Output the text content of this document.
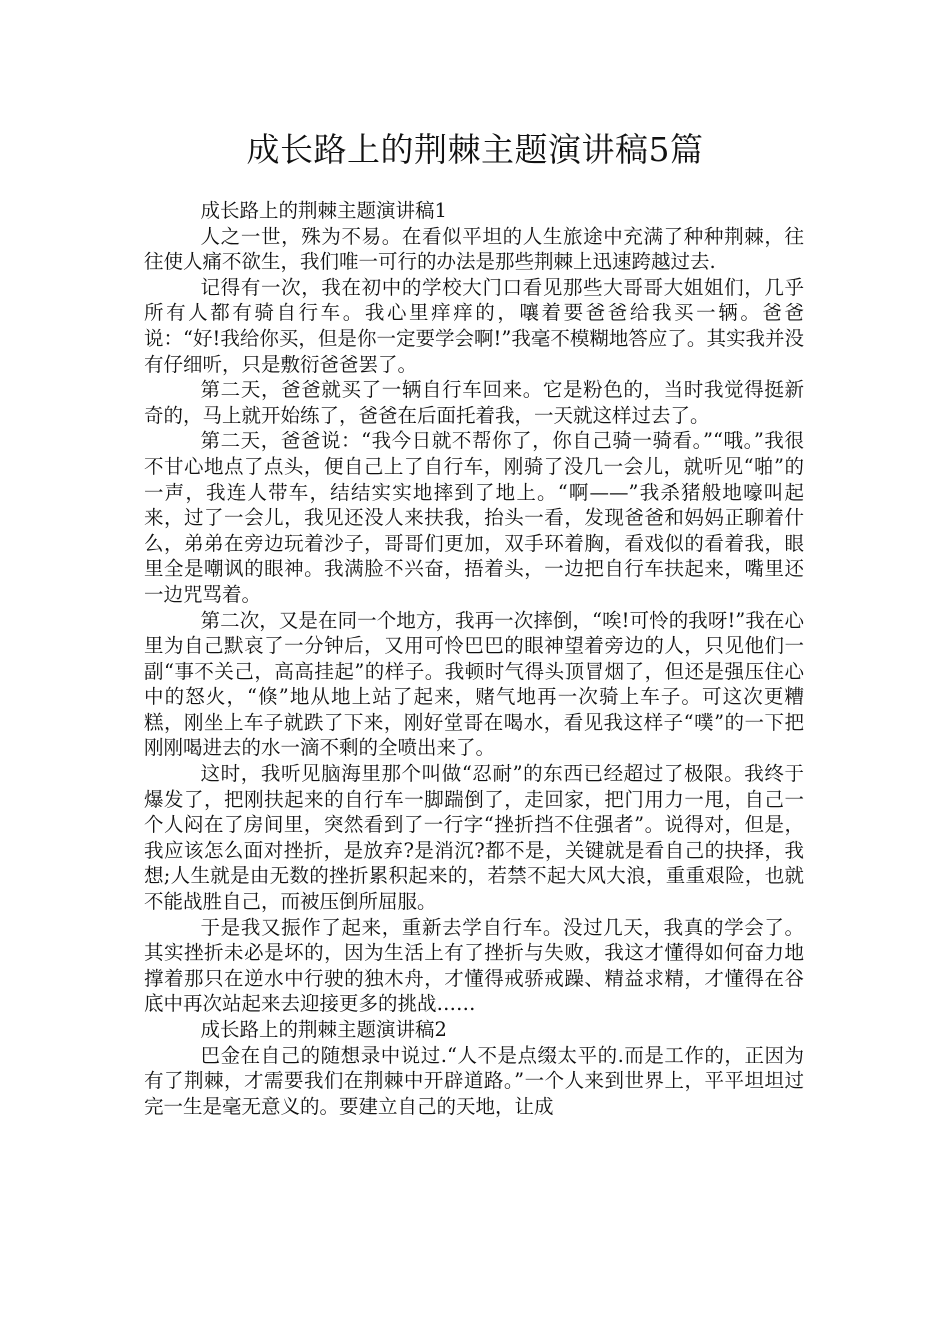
成长路上的荆棘主题演讲稿5篇

成长路上的荆棘主题演讲稿1

人之一世，殊为不易。在看似平坦的人生旅途中充满了种种荆棘，往往使人痛不欲生，我们唯一可行的办法是那些荆棘上迅速跨越过去.

记得有一次，我在初中的学校大门口看见那些大哥哥大姐姐们，几乎所有人都有骑自行车。我心里痒痒的，嚷着要爸爸给我买一辆。爸爸说：“好!我给你买，但是你一定要学会啊!”我毫不模糊地答应了。其实我并没有仔细听，只是敷衍爸爸罢了。

第二天，爸爸就买了一辆自行车回来。它是粉色的，当时我觉得挺新奇的，马上就开始练了，爸爸在后面托着我，一天就这样过去了。

第二天，爸爸说：“我今日就不帮你了，你自己骑一骑看。”“哦。”我很不甘心地点了点头，便自己上了自行车，刚骑了没几一会儿，就听见“啪”的一声，我连人带车，结结实实地摔到了地上。“啊——”我杀猪般地嚎叫起来，过了一会儿，我见还没人来扶我，抬头一看，发现爸爸和妈妈正聊着什么，弟弟在旁边玩着沙子，哥哥们更加，双手环着胸，看戏似的看着我，眼里全是嘲讽的眼神。我满脸不兴奋，捂着头，一边把自行车扶起来，嘴里还一边咒骂着。

第二次，又是在同一个地方，我再一次摔倒，“唉!可怜的我呀!”我在心里为自己默哀了一分钟后，又用可怜巴巴的眼神望着旁边的人，只见他们一副“事不关己，高高挂起”的样子。我顿时气得头顶冒烟了，但还是强压住心中的怒火，“倏”地从地上站了起来，赌气地再一次骑上车子。可这次更糟糕，刚坐上车子就跌了下来，刚好堂哥在喝水，看见我这样子“噗”的一下把刚刚喝进去的水一滴不剩的全喷出来了。

这时，我听见脑海里那个叫做“忍耐”的东西已经超过了极限。我终于爆发了，把刚扶起来的自行车一脚踹倒了，走回家，把门用力一甩，自己一个人闷在了房间里，突然看到了一行字“挫折挡不住强者”。说得对，但是，我应该怎么面对挫折，是放弃?是消沉?都不是，关键就是看自己的抉择，我想;人生就是由无数的挫折累积起来的，若禁不起大风大浪，重重艰险，也就不能战胜自己，而被压倒所屈服。

于是我又振作了起来，重新去学自行车。没过几天，我真的学会了。其实挫折未必是坏的，因为生活上有了挫折与失败，我这才懂得如何奋力地撑着那只在逆水中行驶的独木舟，才懂得戒骄戒躁、精益求精，才懂得在谷底中再次站起来去迎接更多的挑战……

成长路上的荆棘主题演讲稿2

巴金在自己的随想录中说过.“人不是点缀太平的.而是工作的，正因为有了荆棘，才需要我们在荆棘中开辟道路。”一个人来到世界上，平平坦坦过完一生是毫无意义的。要建立自己的天地，让成
